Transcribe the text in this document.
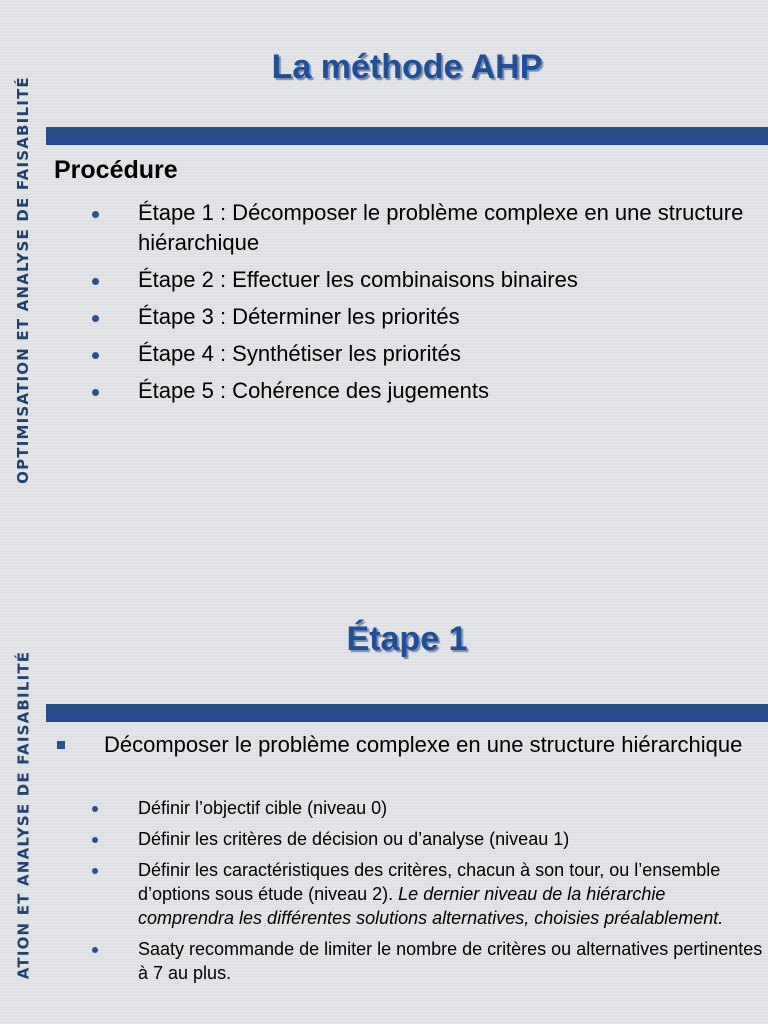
OPTIMISATION ET ANALYSE DE FAISABILITÉ
ATION ET ANALYSE DE FAISABILITÉ
La méthode AHP
Procédure
Étape 1 : Décomposer le problème complexe en une structure hiérarchique
Étape 2 : Effectuer les combinaisons binaires
Étape 3 : Déterminer les priorités
Étape 4 : Synthétiser les priorités
Étape 5 : Cohérence des jugements
Étape 1
Décomposer le problème complexe en une structure hiérarchique
Définir l’objectif cible (niveau 0)
Définir les critères de décision ou d’analyse (niveau 1)
Définir les caractéristiques des critères, chacun à son tour, ou l’ensemble d’options sous étude (niveau 2). Le dernier niveau de la hiérarchie comprendra les différentes solutions alternatives, choisies préalablement.
Saaty recommande de limiter le nombre de critères ou alternatives pertinentes à 7 au plus.
